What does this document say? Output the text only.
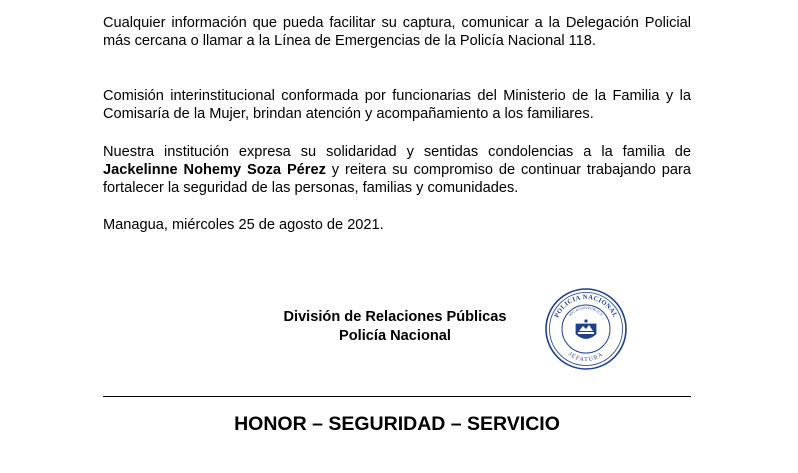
Cualquier información que pueda facilitar su captura, comunicar a la Delegación Policial más cercana o llamar a la Línea de Emergencias de la Policía Nacional 118.

Comisión interinstitucional conformada por funcionarias del Ministerio de la Familia y la Comisaría de la Mujer, brindan atención y acompañamiento a los familiares.

Nuestra institución expresa su solidaridad y sentidas condolencias a la familia de Jackelinne Nohemy Soza Pérez y reitera su compromiso de continuar trabajando para fortalecer la seguridad de las personas, familias y comunidades.

Managua, miércoles 25 de agosto de 2021.

División de Relaciones Públicas
Policía Nacional
POLICIA NACIONAL
RELACION PUBLICA
JEFATURA
HONOR – SEGURIDAD – SERVICIO
